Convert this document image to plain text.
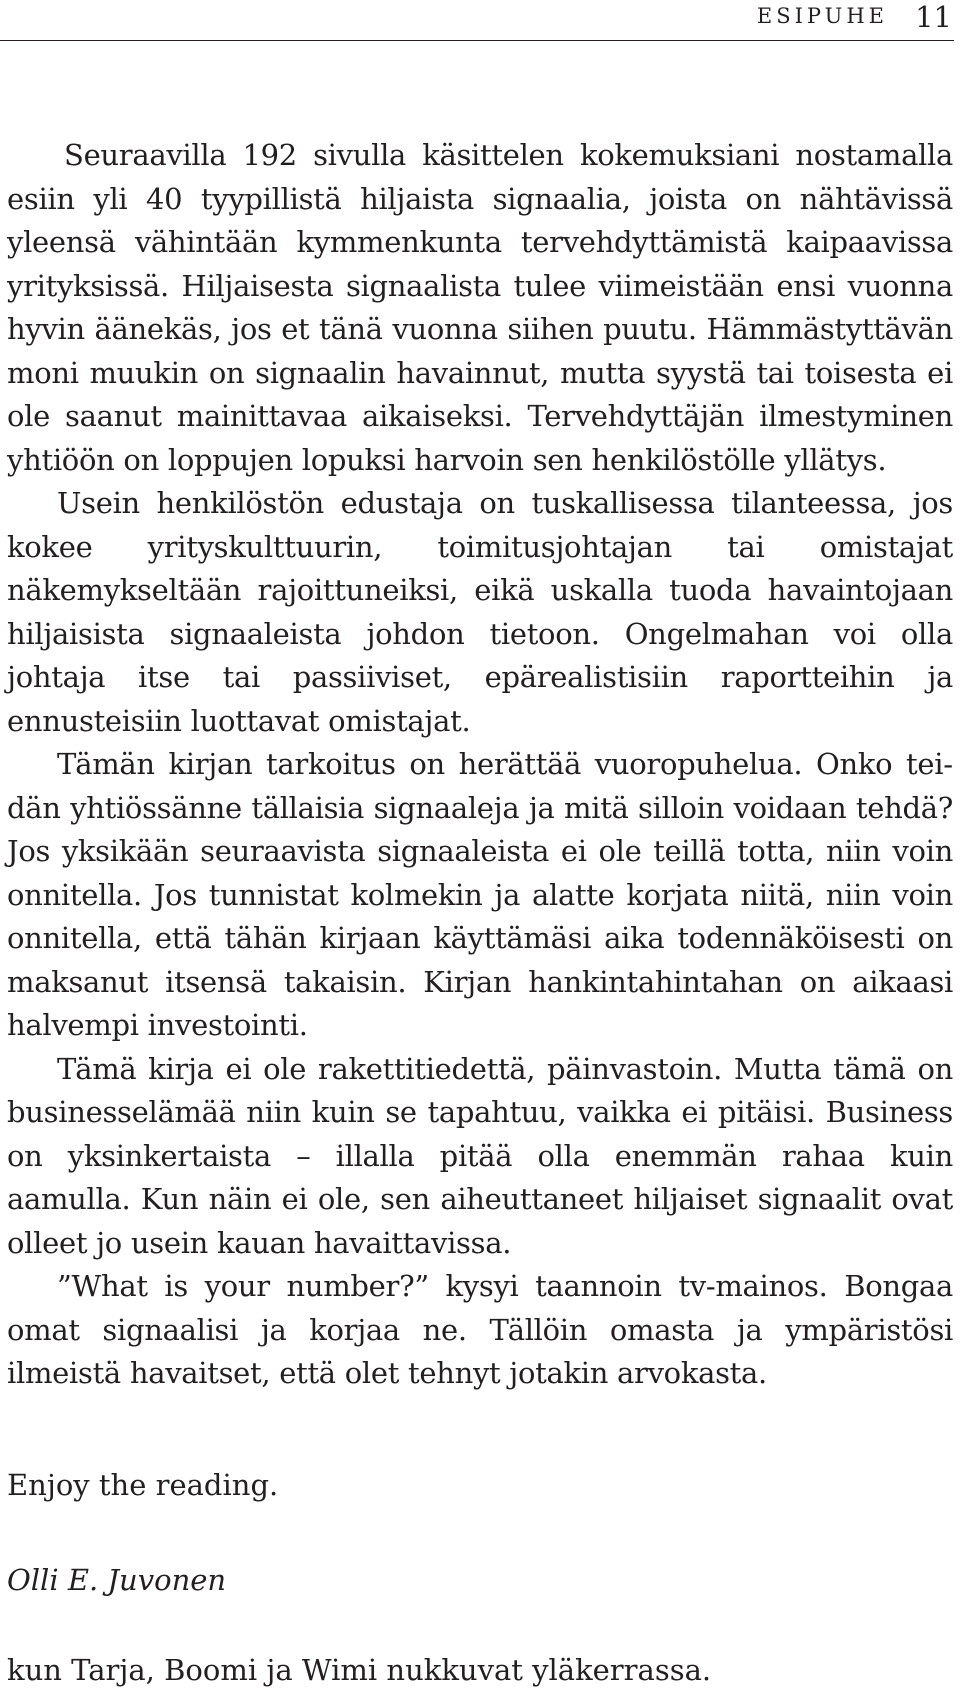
ESIPUHE 11

Seuraavilla 192 sivulla käsittelen kokemuksiani nostamalla esiin yli 40 tyypillistä hiljaista signaalia, joista on nähtävissä yleensä vähintään kymmenkunta tervehdyttämistä kaipaavissa yrityksissä. Hiljaisesta signaalista tulee viimeistään ensi vuonna hyvin äänekäs, jos et tänä vuonna siihen puutu. Hämmästyttävän moni muukin on signaalin havainnut, mutta syystä tai toisesta ei ole saanut mainittavaa aikaiseksi. Tervehdyttäjän ilmestyminen yhtiöön on loppujen lopuksi harvoin sen henkilöstölle yllätys.

Usein henkilöstön edustaja on tuskallisessa tilanteessa, jos kokee yrityskulttuurin, toimitusjohtajan tai omistajat näkemykseltään rajoittuneiksi, eikä uskalla tuoda havaintojaan hiljaisista signaaleista johdon tietoon. Ongelmahan voi olla johtaja itse tai passiiviset, epärealistisiin raportteihin ja ennusteisiin luottavat omistajat.

Tämän kirjan tarkoitus on herättää vuoropuhelua. Onko teidän yhtiössänne tällaisia signaaleja ja mitä silloin voidaan tehdä? Jos yksikään seuraavista signaaleista ei ole teillä totta, niin voin onnitella. Jos tunnistat kolmekin ja alatte korjata niitä, niin voin onnitella, että tähän kirjaan käyttämäsi aika todennäköisesti on maksanut itsensä takaisin. Kirjan hankintahintahan on aikaasi halvempi investointi.

Tämä kirja ei ole rakettitiedettä, päinvastoin. Mutta tämä on businesselämää niin kuin se tapahtuu, vaikka ei pitäisi. Business on yksinkertaista – illalla pitää olla enemmän rahaa kuin aamulla. Kun näin ei ole, sen aiheuttaneet hiljaiset signaalit ovat olleet jo usein kauan havaittavissa.

”What is your number?” kysyi taannoin tv-mainos. Bongaa omat signaalisi ja korjaa ne. Tällöin omasta ja ympäristösi ilmeistä havaitset, että olet tehnyt jotakin arvokasta.

Enjoy the reading.

Olli E. Juvonen

kun Tarja, Boomi ja Wimi nukkuvat yläkerrassa.
